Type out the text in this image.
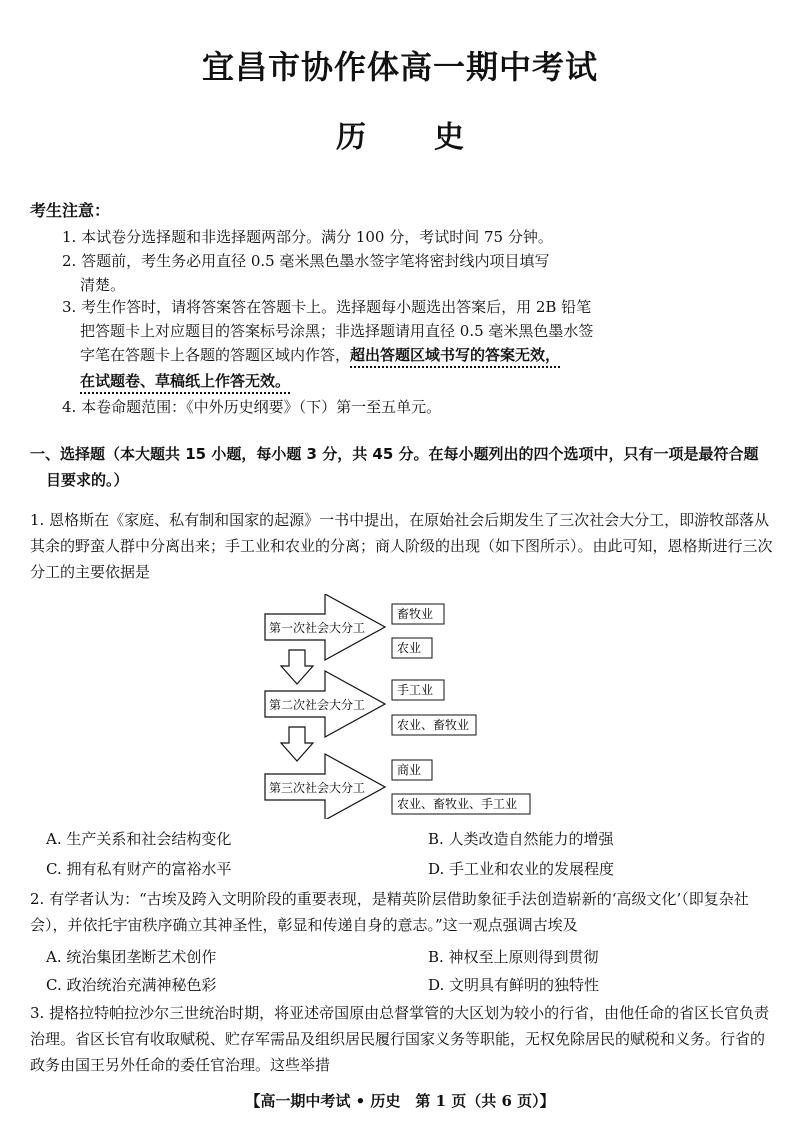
宜昌市协作体高一期中考试
历 史
考生注意：
1. 本试卷分选择题和非选择题两部分。满分 100 分，考试时间 75 分钟。
2. 答题前，考生务必用直径 0.5 毫米黑色墨水签字笔将密封线内项目填写
清楚。
3. 考生作答时，请将答案答在答题卡上。选择题每小题选出答案后，用 2B 铅笔
把答题卡上对应题目的答案标号涂黑；非选择题请用直径 0.5 毫米黑色墨水签
字笔在答题卡上各题的答题区域内作答，超出答题区域书写的答案无效，
在试题卷、草稿纸上作答无效。
4. 本卷命题范围：《中外历史纲要》（下）第一至五单元。
一、选择题（本大题共 15 小题，每小题 3 分，共 45 分。在每小题列出的四个选项中，只有一项是最符合题
目要求的。）
1. 恩格斯在《家庭、私有制和国家的起源》一书中提出，在原始社会后期发生了三次社会大分工，即游牧部落从其余的野蛮人群中分离出来；手工业和农业的分离；商人阶级的出现（如下图所示）。由此可知，恩格斯进行三次分工的主要依据是
第一次社会大分工
第二次社会大分工
第三次社会大分工
畜牧业
农业
手工业
农业、畜牧业
商业
农业、畜牧业、手工业
A. 生产关系和社会结构变化	B. 人类改造自然能力的增强
C. 拥有私有财产的富裕水平	D. 手工业和农业的发展程度
2. 有学者认为：“古埃及跨入文明阶段的重要表现，是精英阶层借助象征手法创造崭新的‘高级文化’（即复杂社会），并依托宇宙秩序确立其神圣性，彰显和传递自身的意志。”这一观点强调古埃及
A. 统治集团垄断艺术创作	B. 神权至上原则得到贯彻
C. 政治统治充满神秘色彩	D. 文明具有鲜明的独特性
3. 提格拉特帕拉沙尔三世统治时期，将亚述帝国原由总督掌管的大区划为较小的行省，由他任命的省区长官负责治理。省区长官有收取赋税、贮存军需品及组织居民履行国家义务等职能，无权免除居民的赋税和义务。行省的政务由国王另外任命的委任官治理。这些举措
【高一期中考试 • 历史　第 1 页（共 6 页）】
